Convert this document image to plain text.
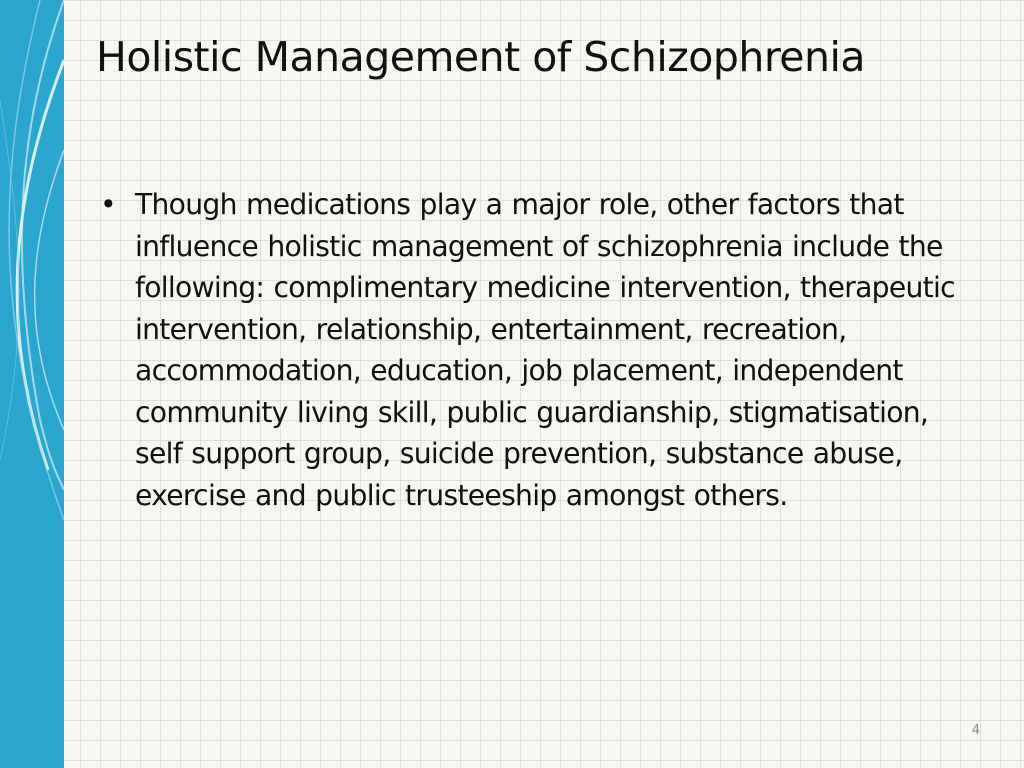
Holistic Management of Schizophrenia
• Though medications play a major role, other factors that influence holistic management of schizophrenia include the following: complimentary medicine intervention, therapeutic intervention, relationship, entertainment, recreation, accommodation, education, job placement, independent community living skill, public guardianship, stigmatisation, self support group, suicide prevention, substance abuse, exercise and public trusteeship amongst others.
4
